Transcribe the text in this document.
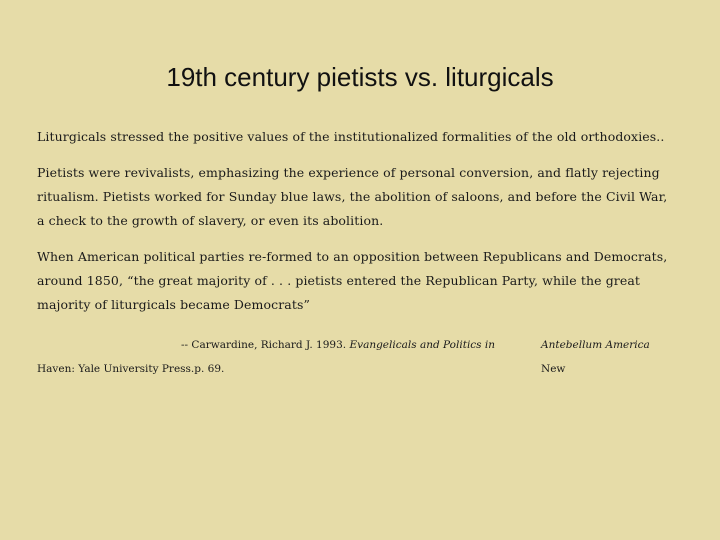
19th century pietists vs. liturgicals

Liturgicals stressed the positive values of the institutionalized formalities of the old orthodoxies..

Pietists were revivalists, emphasizing the experience of personal conversion, and flatly rejecting ritualism. Pietists worked for Sunday blue laws, the abolition of saloons, and before the Civil War, a check to the growth of slavery, or even its abolition.

When American political parties re-formed to an opposition between Republicans and Democrats, around 1850, “the great majority of . . . pietists entered the Republican Party, while the great majority of liturgicals became Democrats”

-- Carwardine, Richard J. 1993. Evangelicals and Politics in	Antebellum America New
Haven: Yale University Press.p. 69.
